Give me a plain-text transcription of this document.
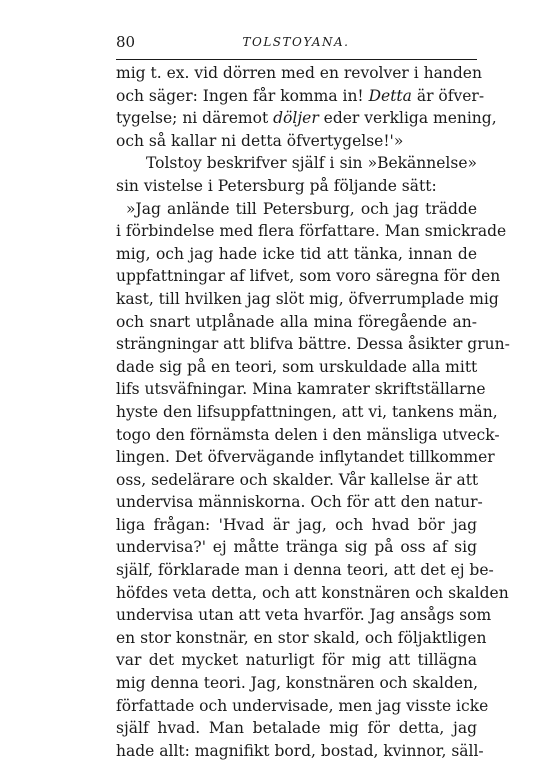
80	TOLSTOYANA.
mig t. ex. vid dörren med en revolver i handen
och säger: Ingen får komma in! Detta är öfver-
tygelse; ni däremot döljer eder verkliga mening,
och så kallar ni detta öfvertygelse!'»
Tolstoy beskrifver själf i sin »Bekännelse»
sin vistelse i Petersburg på följande sätt:
»Jag anlände till Petersburg, och jag trädde
i förbindelse med flera författare. Man smickrade
mig, och jag hade icke tid att tänka, innan de
uppfattningar af lifvet, som voro säregna för den
kast, till hvilken jag slöt mig, öfverrumplade mig
och snart utplånade alla mina föregående an-
strängningar att blifva bättre. Dessa åsikter grun-
dade sig på en teori, som urskuldade alla mitt
lifs utsväfningar. Mina kamrater skriftställarne
hyste den lifsuppfattningen, att vi, tankens män,
togo den förnämsta delen i den mänsliga utveck-
lingen. Det öfvervägande inflytandet tillkommer
oss, sedelärare och skalder. Vår kallelse är att
undervisa människorna. Och för att den natur-
liga frågan: 'Hvad är jag, och hvad bör jag
undervisa?' ej måtte tränga sig på oss af sig
själf, förklarade man i denna teori, att det ej be-
höfdes veta detta, och att konstnären och skalden
undervisa utan att veta hvarför. Jag ansågs som
en stor konstnär, en stor skald, och följaktligen
var det mycket naturligt för mig att tillägna
mig denna teori. Jag, konstnären och skalden,
författade och undervisade, men jag visste icke
själf hvad. Man betalade mig för detta, jag
hade allt: magnifikt bord, bostad, kvinnor, säll-
